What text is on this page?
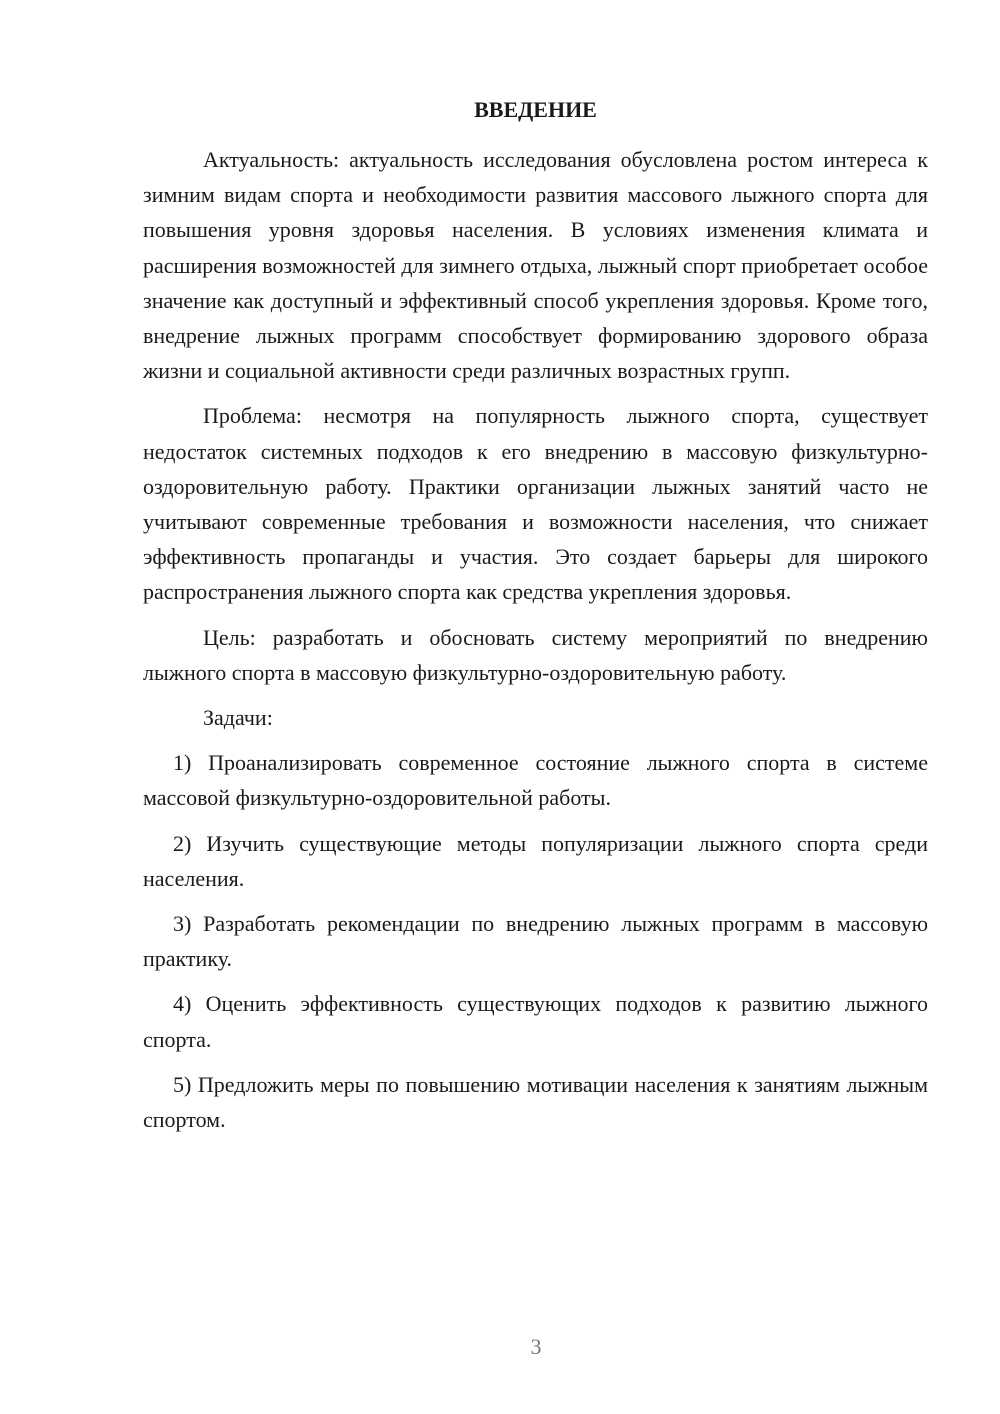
ВВЕДЕНИЕ

Актуальность: актуальность исследования обусловлена ростом интереса к зимним видам спорта и необходимости развития массового лыжного спорта для повышения уровня здоровья населения. В условиях изменения климата и расширения возможностей для зимнего отдыха, лыжный спорт приобретает особое значение как доступный и эффективный способ укрепления здоровья. Кроме того, внедрение лыжных программ способствует формированию здорового образа жизни и социальной активности среди различных возрастных групп.

Проблема: несмотря на популярность лыжного спорта, существует недостаток системных подходов к его внедрению в массовую физкультурно-оздоровительную работу. Практики организации лыжных занятий часто не учитывают современные требования и возможности населения, что снижает эффективность пропаганды и участия. Это создает барьеры для широкого распространения лыжного спорта как средства укрепления здоровья.

Цель: разработать и обосновать систему мероприятий по внедрению лыжного спорта в массовую физкультурно-оздоровительную работу.

Задачи:

1) Проанализировать современное состояние лыжного спорта в системе массовой физкультурно-оздоровительной работы.

2) Изучить существующие методы популяризации лыжного спорта среди населения.

3) Разработать рекомендации по внедрению лыжных программ в массовую практику.

4) Оценить эффективность существующих подходов к развитию лыжного спорта.

5) Предложить меры по повышению мотивации населения к занятиям лыжным спортом.

3
